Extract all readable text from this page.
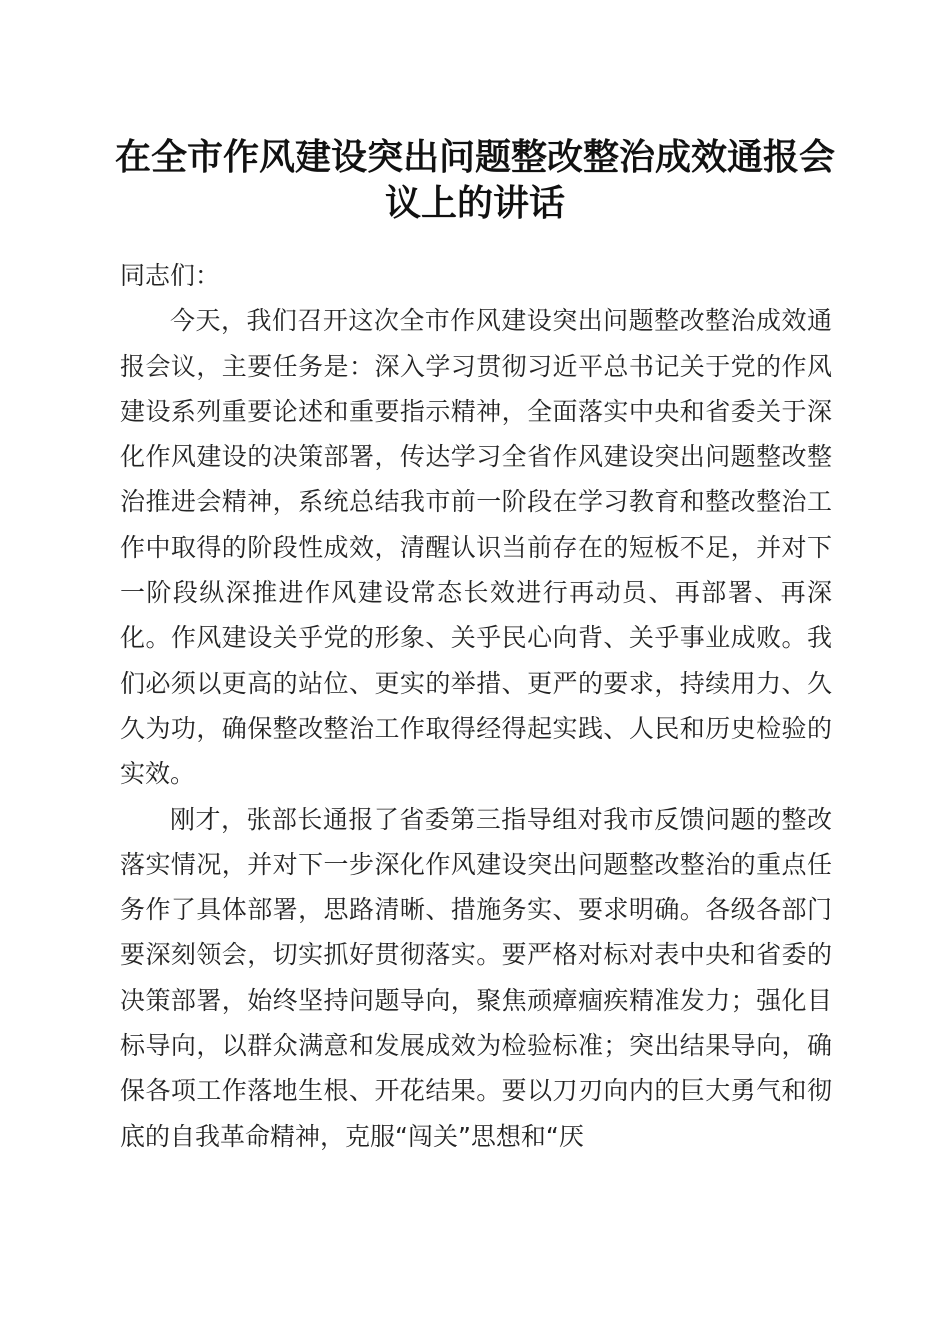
在全市作风建设突出问题整改整治成效通报会议上的讲话

同志们：

今天，我们召开这次全市作风建设突出问题整改整治成效通报会议，主要任务是：深入学习贯彻习近平总书记关于党的作风建设系列重要论述和重要指示精神，全面落实中央和省委关于深化作风建设的决策部署，传达学习全省作风建设突出问题整改整治推进会精神，系统总结我市前一阶段在学习教育和整改整治工作中取得的阶段性成效，清醒认识当前存在的短板不足，并对下一阶段纵深推进作风建设常态长效进行再动员、再部署、再深化。作风建设关乎党的形象、关乎民心向背、关乎事业成败。我们必须以更高的站位、更实的举措、更严的要求，持续用力、久久为功，确保整改整治工作取得经得起实践、人民和历史检验的实效。

刚才，张部长通报了省委第三指导组对我市反馈问题的整改落实情况，并对下一步深化作风建设突出问题整改整治的重点任务作了具体部署，思路清晰、措施务实、要求明确。各级各部门要深刻领会，切实抓好贯彻落实。要严格对标对表中央和省委的决策部署，始终坚持问题导向，聚焦顽瘴痼疾精准发力；强化目标导向，以群众满意和发展成效为检验标准；突出结果导向，确保各项工作落地生根、开花结果。要以刀刃向内的巨大勇气和彻底的自我革命精神，克服“闯关”思想和“厌
